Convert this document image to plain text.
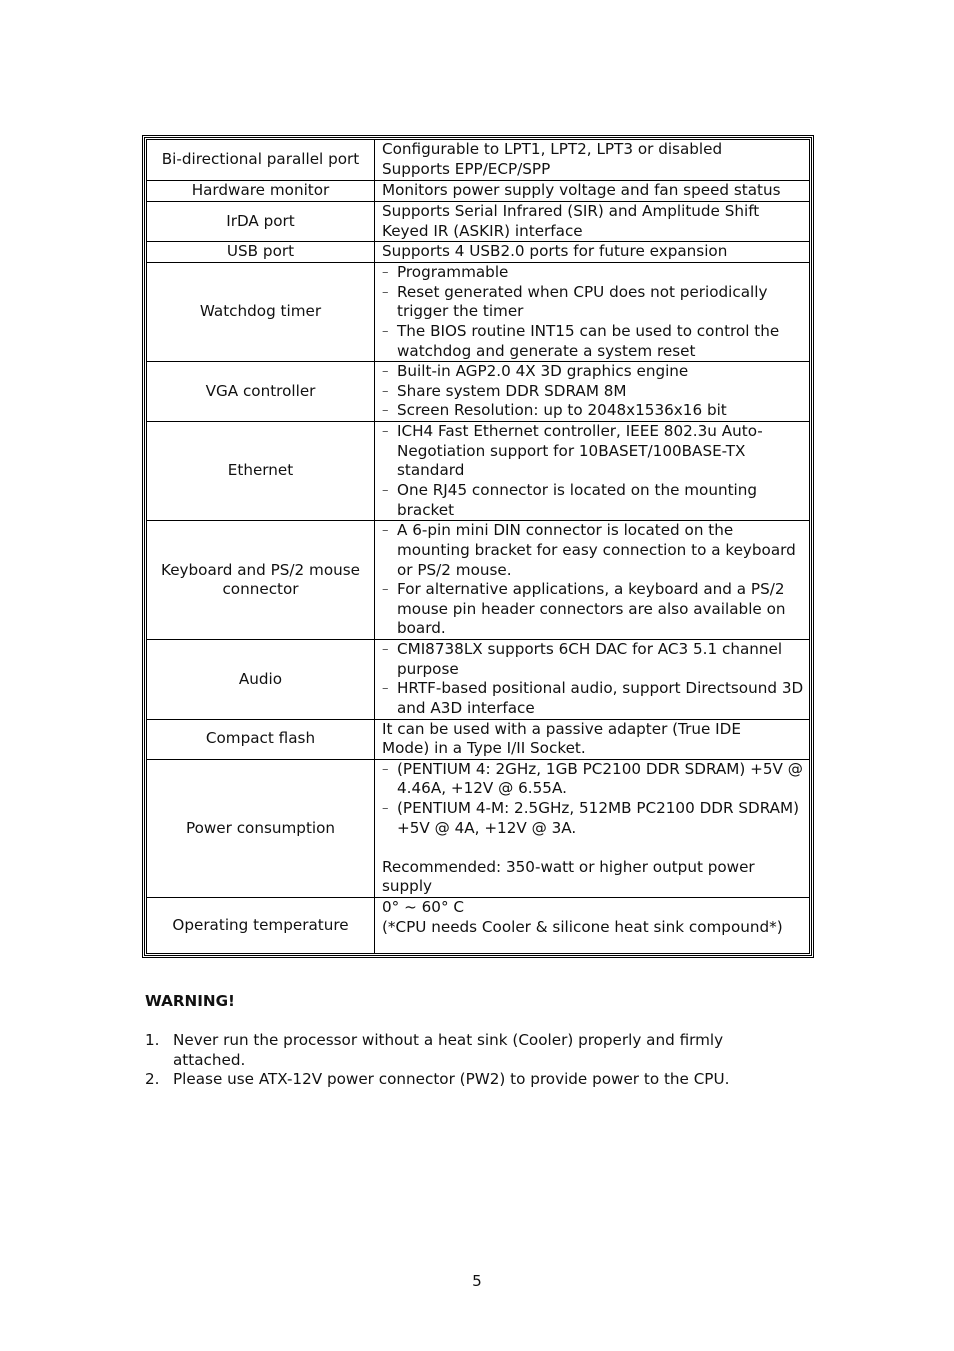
Bi-directional parallel port	Configurable to LPT1, LPT2, LPT3 or disabled
Supports EPP/ECP/SPP

Hardware monitor	Monitors power supply voltage and fan speed status

IrDA port	Supports Serial Infrared (SIR) and Amplitude Shift
Keyed IR (ASKIR) interface

USB port	Supports 4 USB2.0 ports for future expansion

Watchdog timer	– Programmable
– Reset generated when CPU does not periodically trigger the timer
– The BIOS routine INT15 can be used to control the watchdog and generate a system reset

VGA controller	– Built-in AGP2.0 4X 3D graphics engine
– Share system DDR SDRAM 8M
– Screen Resolution: up to 2048x1536x16 bit

Ethernet	– ICH4 Fast Ethernet controller, IEEE 802.3u Auto-Negotiation support for 10BASET/100BASE-TX standard
– One RJ45 connector is located on the mounting bracket

Keyboard and PS/2 mouse connector	– A 6-pin mini DIN connector is located on the mounting bracket for easy connection to a keyboard or PS/2 mouse.
– For alternative applications, a keyboard and a PS/2 mouse pin header connectors are also available on board.

Audio	– CMI8738LX supports 6CH DAC for AC3 5.1 channel purpose
– HRTF-based positional audio, support Directsound 3D and A3D interface

Compact flash	It can be used with a passive adapter (True IDE
Mode) in a Type I/II Socket.

Power consumption	– (PENTIUM 4: 2GHz, 1GB PC2100 DDR SDRAM) +5V @ 4.46A, +12V @ 6.55A.
– (PENTIUM 4-M: 2.5GHz, 512MB PC2100 DDR SDRAM) +5V @ 4A, +12V @ 3A.
Recommended: 350-watt or higher output power supply

Operating temperature	0° ~ 60° C
(*CPU needs Cooler & silicone heat sink compound*)
WARNING!
1. Never run the processor without a heat sink (Cooler) properly and firmly attached.
2. Please use ATX-12V power connector (PW2) to provide power to the CPU.
5
